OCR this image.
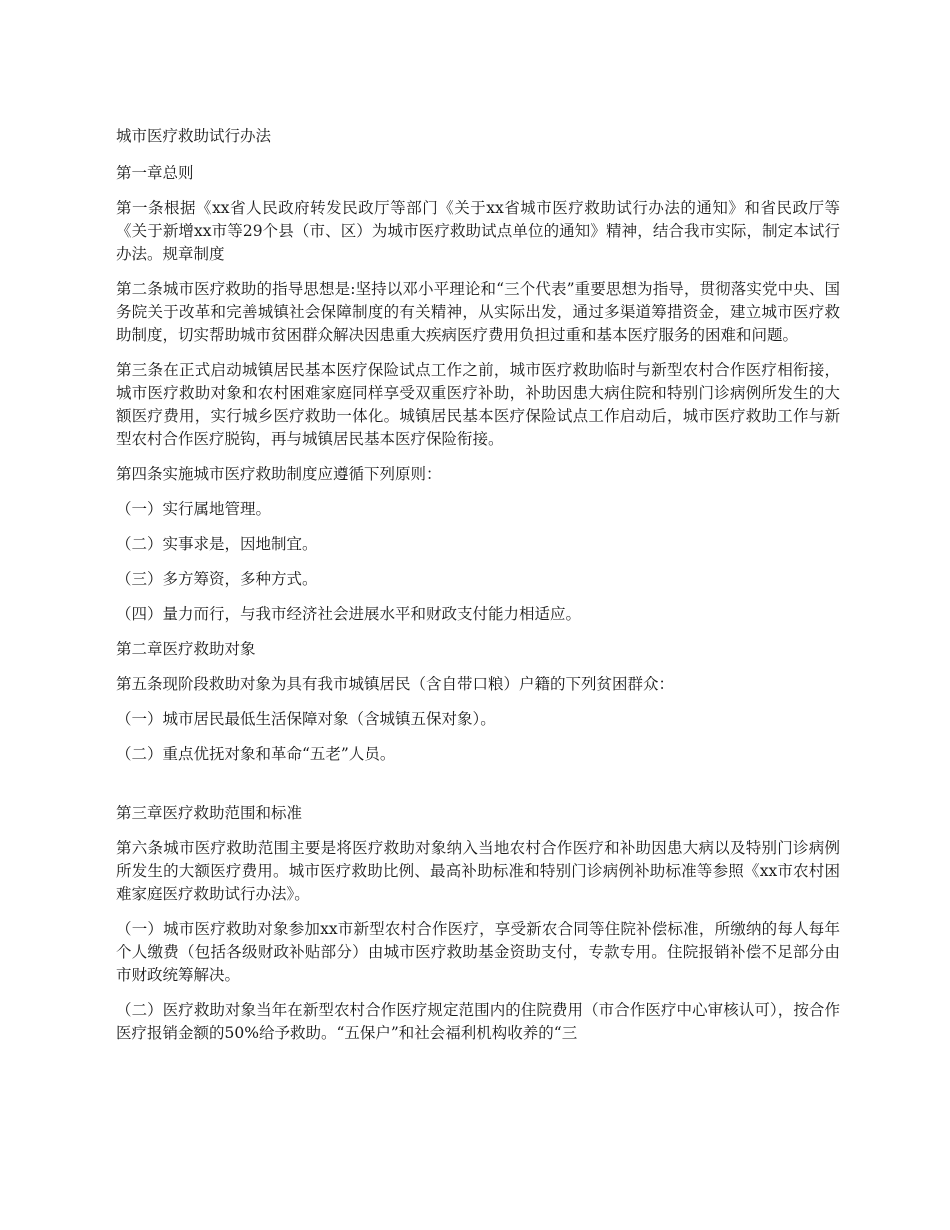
城市医疗救助试行办法

第一章总则

第一条根据《xx省人民政府转发民政厅等部门《关于xx省城市医疗救助试行办法的通知》和省民政厅等《关于新增xx市等29个县（市、区）为城市医疗救助试点单位的通知》精神，结合我市实际，制定本试行办法。规章制度

第二条城市医疗救助的指导思想是:坚持以邓小平理论和“三个代表”重要思想为指导，贯彻落实党中央、国务院关于改革和完善城镇社会保障制度的有关精神，从实际出发，通过多渠道筹措资金，建立城市医疗救助制度，切实帮助城市贫困群众解决因患重大疾病医疗费用负担过重和基本医疗服务的困难和问题。

第三条在正式启动城镇居民基本医疗保险试点工作之前，城市医疗救助临时与新型农村合作医疗相衔接，城市医疗救助对象和农村困难家庭同样享受双重医疗补助，补助因患大病住院和特别门诊病例所发生的大额医疗费用，实行城乡医疗救助一体化。城镇居民基本医疗保险试点工作启动后，城市医疗救助工作与新型农村合作医疗脱钩，再与城镇居民基本医疗保险衔接。

第四条实施城市医疗救助制度应遵循下列原则：

（一）实行属地管理。

（二）实事求是，因地制宜。

（三）多方筹资，多种方式。

（四）量力而行，与我市经济社会进展水平和财政支付能力相适应。

第二章医疗救助对象

第五条现阶段救助对象为具有我市城镇居民（含自带口粮）户籍的下列贫困群众：

（一）城市居民最低生活保障对象（含城镇五保对象）。

（二）重点优抚对象和革命“五老”人员。

第三章医疗救助范围和标准

第六条城市医疗救助范围主要是将医疗救助对象纳入当地农村合作医疗和补助因患大病以及特别门诊病例所发生的大额医疗费用。城市医疗救助比例、最高补助标准和特别门诊病例补助标准等参照《xx市农村困难家庭医疗救助试行办法》。

（一）城市医疗救助对象参加xx市新型农村合作医疗，享受新农合同等住院补偿标准，所缴纳的每人每年个人缴费（包括各级财政补贴部分）由城市医疗救助基金资助支付，专款专用。住院报销补偿不足部分由市财政统筹解决。

（二）医疗救助对象当年在新型农村合作医疗规定范围内的住院费用（市合作医疗中心审核认可），按合作医疗报销金额的50%给予救助。“五保户”和社会福利机构收养的“三
